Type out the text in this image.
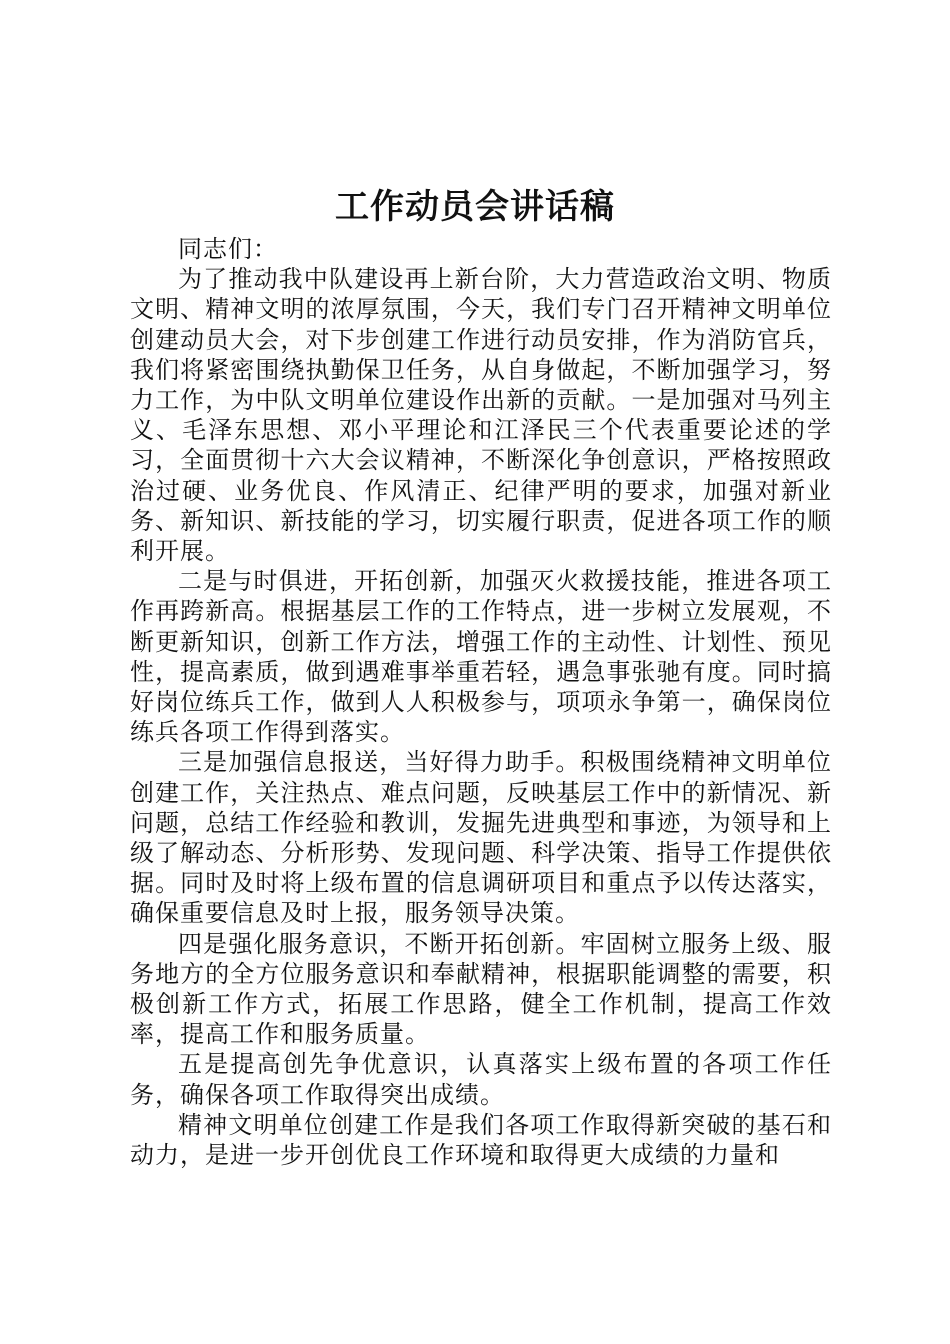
工作动员会讲话稿

同志们：

为了推动我中队建设再上新台阶，大力营造政治文明、物质文明、精神文明的浓厚氛围，今天，我们专门召开精神文明单位创建动员大会，对下步创建工作进行动员安排，作为消防官兵，我们将紧密围绕执勤保卫任务，从自身做起，不断加强学习，努力工作，为中队文明单位建设作出新的贡献。一是加强对马列主义、毛泽东思想、邓小平理论和江泽民三个代表重要论述的学习，全面贯彻十六大会议精神，不断深化争创意识，严格按照政治过硬、业务优良、作风清正、纪律严明的要求，加强对新业务、新知识、新技能的学习，切实履行职责，促进各项工作的顺利开展。

二是与时俱进，开拓创新，加强灭火救援技能，推进各项工作再跨新高。根据基层工作的工作特点，进一步树立发展观，不断更新知识，创新工作方法，增强工作的主动性、计划性、预见性，提高素质，做到遇难事举重若轻，遇急事张驰有度。同时搞好岗位练兵工作，做到人人积极参与，项项永争第一，确保岗位练兵各项工作得到落实。

三是加强信息报送，当好得力助手。积极围绕精神文明单位创建工作，关注热点、难点问题，反映基层工作中的新情况、新问题，总结工作经验和教训，发掘先进典型和事迹，为领导和上级了解动态、分析形势、发现问题、科学决策、指导工作提供依据。同时及时将上级布置的信息调研项目和重点予以传达落实，确保重要信息及时上报，服务领导决策。

四是强化服务意识，不断开拓创新。牢固树立服务上级、服务地方的全方位服务意识和奉献精神，根据职能调整的需要，积极创新工作方式，拓展工作思路，健全工作机制，提高工作效率，提高工作和服务质量。

五是提高创先争优意识，认真落实上级布置的各项工作任务，确保各项工作取得突出成绩。

精神文明单位创建工作是我们各项工作取得新突破的基石和动力，是进一步开创优良工作环境和取得更大成绩的力量和
